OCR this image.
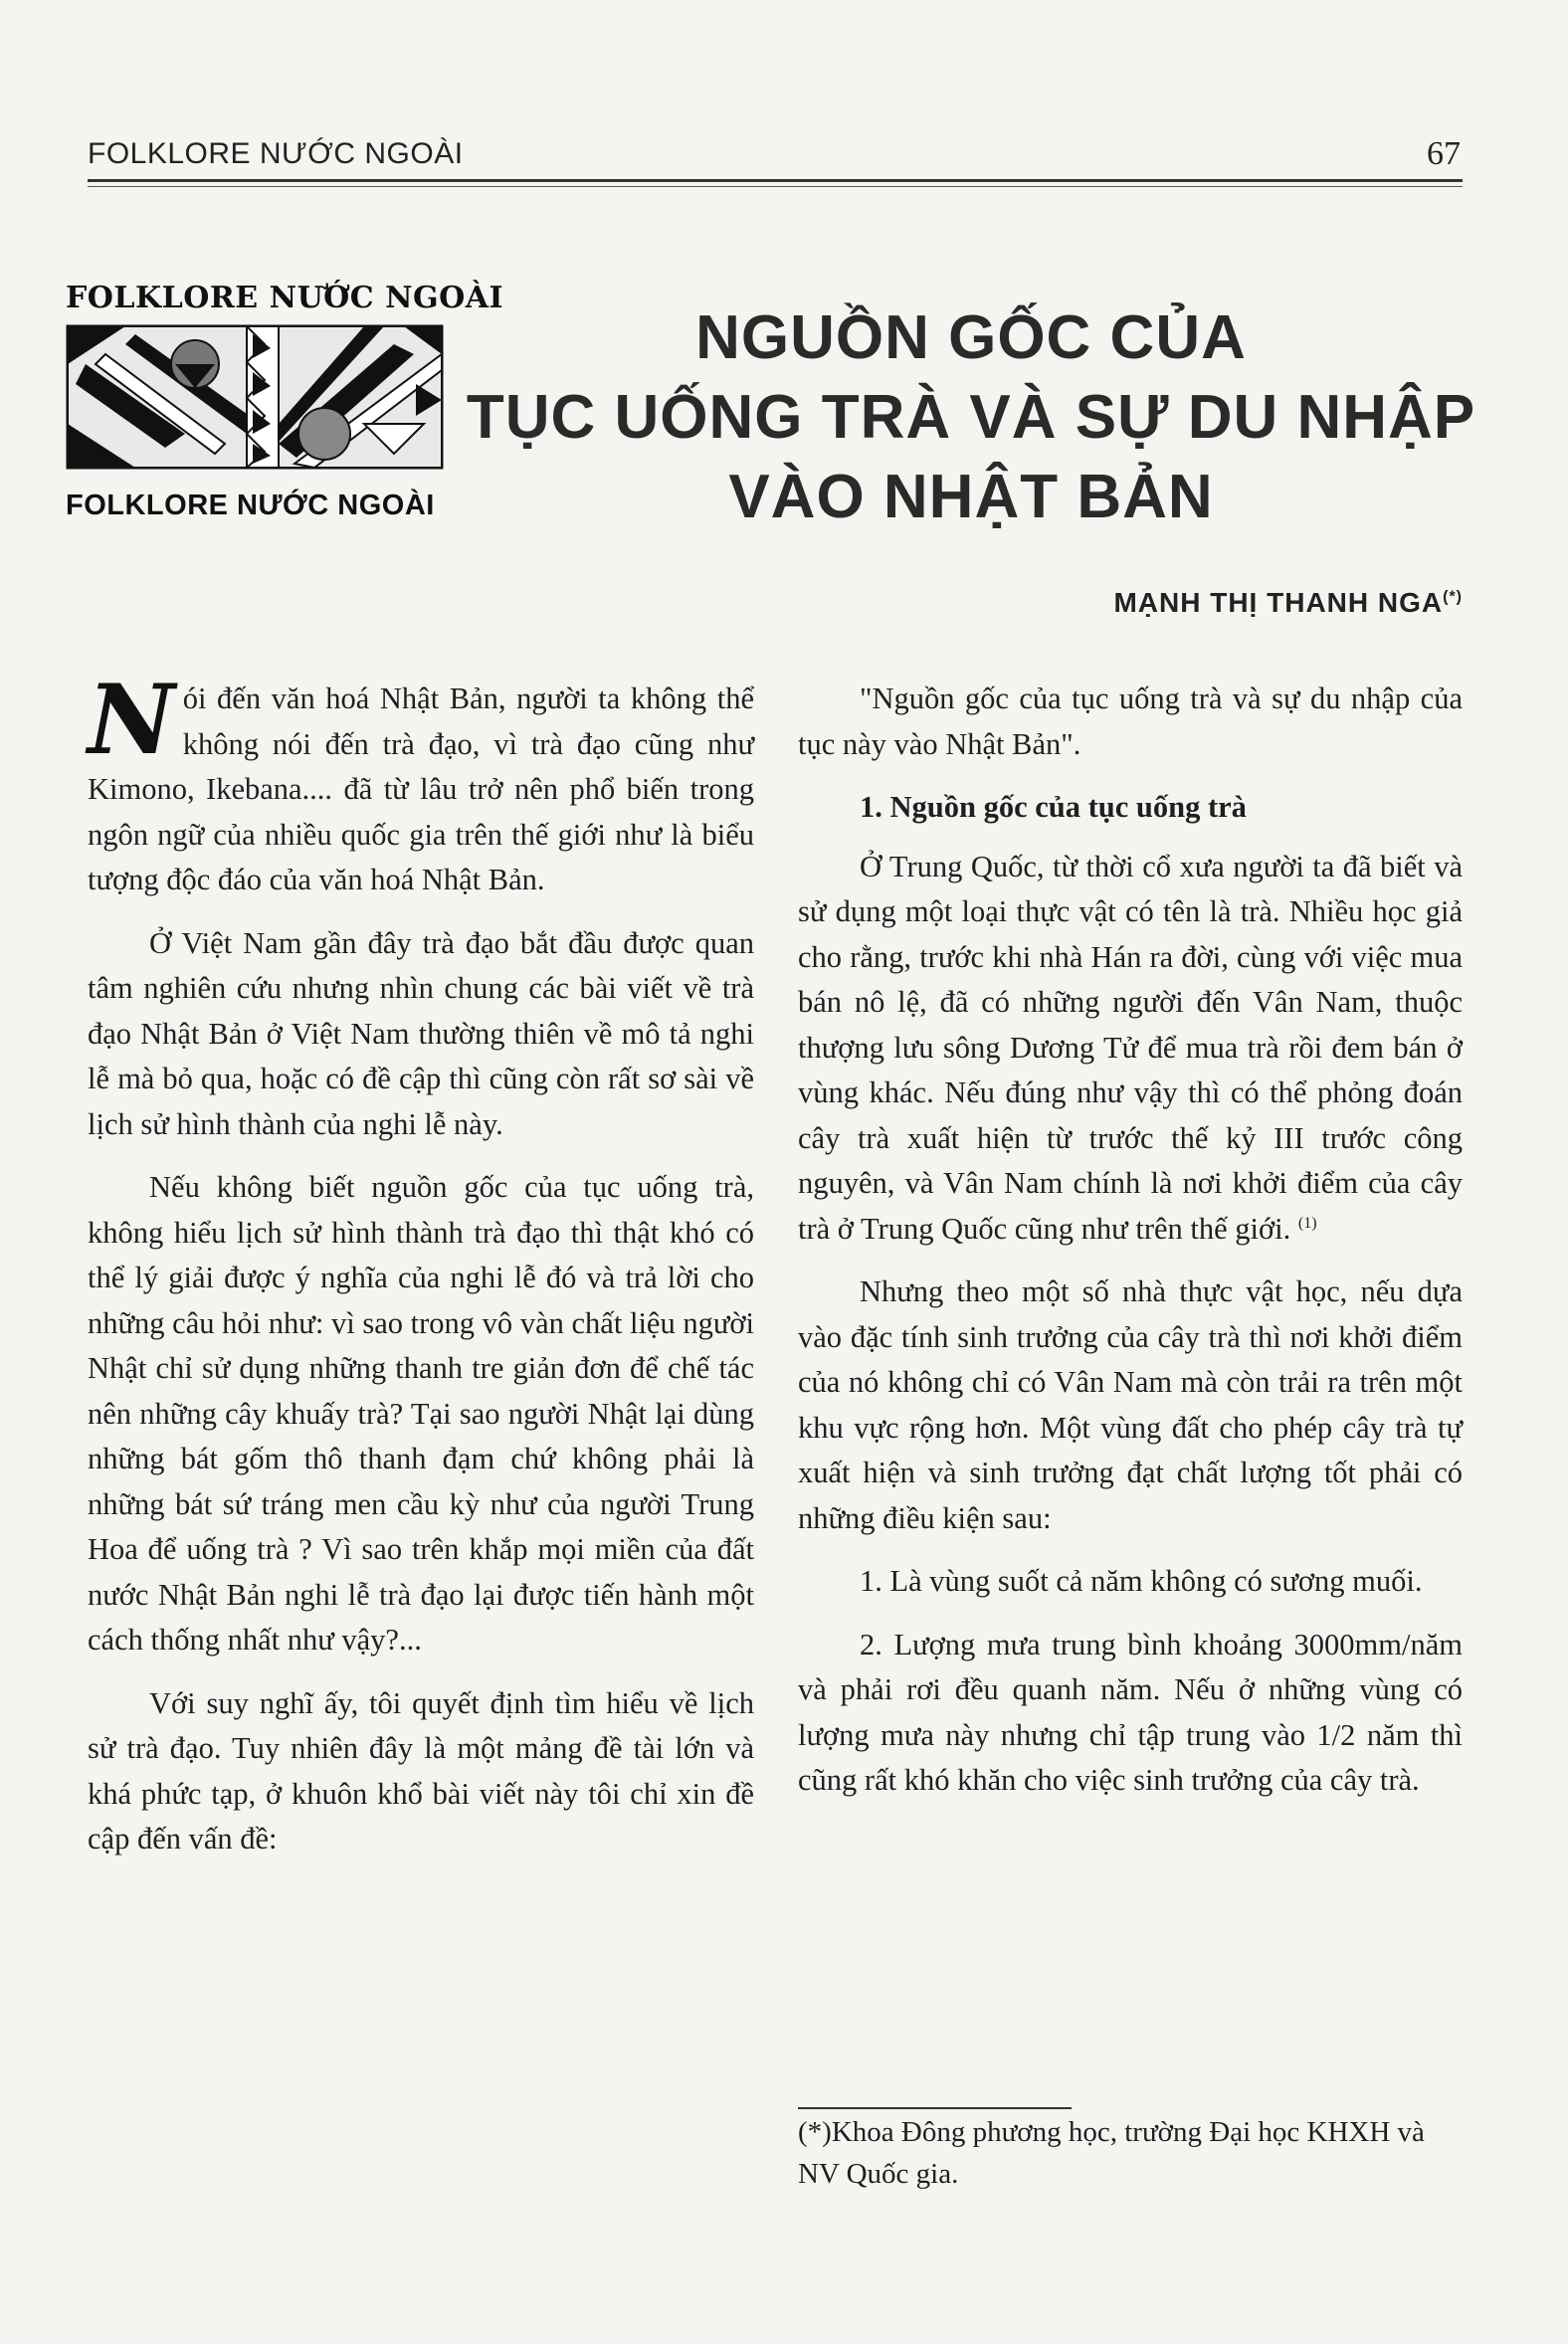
FOLKLORE NƯỚC NGOÀI	67
FOLKLORE NƯỚC NGOÀI
FOLKLORE NƯỚC NGOÀI
NGUỒN GỐC CỦA
TỤC UỐNG TRÀ VÀ SỰ DU NHẬP
VÀO NHẬT BẢN
MẠNH THỊ THANH NGA(*)

Nói đến văn hoá Nhật Bản, người ta không thể không nói đến trà đạo, vì trà đạo cũng như Kimono, Ikebana.... đã từ lâu trở nên phổ biến trong ngôn ngữ của nhiều quốc gia trên thế giới như là biểu tượng độc đáo của văn hoá Nhật Bản.

Ở Việt Nam gần đây trà đạo bắt đầu được quan tâm nghiên cứu nhưng nhìn chung các bài viết về trà đạo Nhật Bản ở Việt Nam thường thiên về mô tả nghi lễ mà bỏ qua, hoặc có đề cập thì cũng còn rất sơ sài về lịch sử hình thành của nghi lễ này.

Nếu không biết nguồn gốc của tục uống trà, không hiểu lịch sử hình thành trà đạo thì thật khó có thể lý giải được ý nghĩa của nghi lễ đó và trả lời cho những câu hỏi như: vì sao trong vô vàn chất liệu người Nhật chỉ sử dụng những thanh tre giản đơn để chế tác nên những cây khuấy trà? Tại sao người Nhật lại dùng những bát gốm thô thanh đạm chứ không phải là những bát sứ tráng men cầu kỳ như của người Trung Hoa để uống trà ? Vì sao trên khắp mọi miền của đất nước Nhật Bản nghi lễ trà đạo lại được tiến hành một cách thống nhất như vậy?...

Với suy nghĩ ấy, tôi quyết định tìm hiểu về lịch sử trà đạo. Tuy nhiên đây là một mảng đề tài lớn và khá phức tạp, ở khuôn khổ bài viết này tôi chỉ xin đề cập đến vấn đề:

"Nguồn gốc của tục uống trà và sự du nhập của tục này vào Nhật Bản".

1. Nguồn gốc của tục uống trà

Ở Trung Quốc, từ thời cổ xưa người ta đã biết và sử dụng một loại thực vật có tên là trà. Nhiều học giả cho rằng, trước khi nhà Hán ra đời, cùng với việc mua bán nô lệ, đã có những người đến Vân Nam, thuộc thượng lưu sông Dương Tử để mua trà rồi đem bán ở vùng khác. Nếu đúng như vậy thì có thể phỏng đoán cây trà xuất hiện từ trước thế kỷ III trước công nguyên, và Vân Nam chính là nơi khởi điểm của cây trà ở Trung Quốc cũng như trên thế giới. $^{(1)}$

Nhưng theo một số nhà thực vật học, nếu dựa vào đặc tính sinh trưởng của cây trà thì nơi khởi điểm của nó không chỉ có Vân Nam mà còn trải ra trên một khu vực rộng hơn. Một vùng đất cho phép cây trà tự xuất hiện và sinh trưởng đạt chất lượng tốt phải có những điều kiện sau:

1. Là vùng suốt cả năm không có sương muối.

2. Lượng mưa trung bình khoảng 3000mm/năm và phải rơi đều quanh năm. Nếu ở những vùng có lượng mưa này nhưng chỉ tập trung vào 1/2 năm thì cũng rất khó khăn cho việc sinh trưởng của cây trà.

(*)Khoa Đông phương học, trường Đại học KHXH và NV Quốc gia.
